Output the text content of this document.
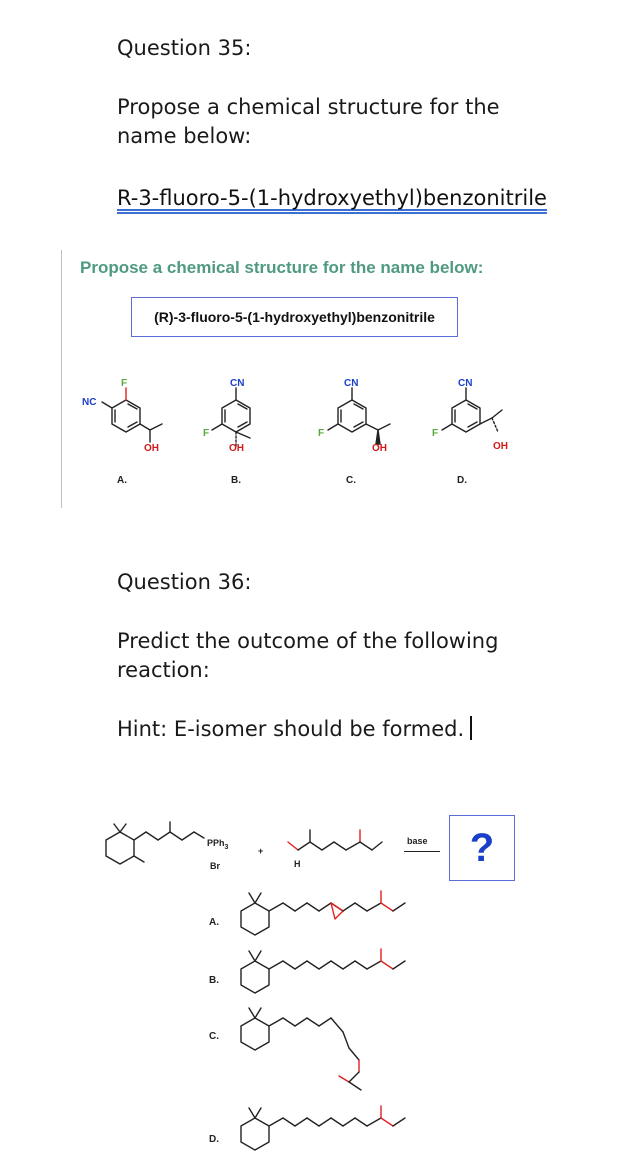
Question 35:
Propose a chemical structure for the name below:
R-3-fluoro-5-(1-hydroxyethyl)benzonitrile
Propose a chemical structure for the name below:
(R)-3-fluoro-5-(1-hydroxyethyl)benzonitrile
NC
F
OH
A.
CN
F
OH
B.
CN
F
OH
C.
CN
F
OH
D.
Question 36:
Predict the outcome of the following reaction:
Hint: E-isomer should be formed.
PPh$_3$
Br
+
H
base	?
A.
B.
C.
D.
